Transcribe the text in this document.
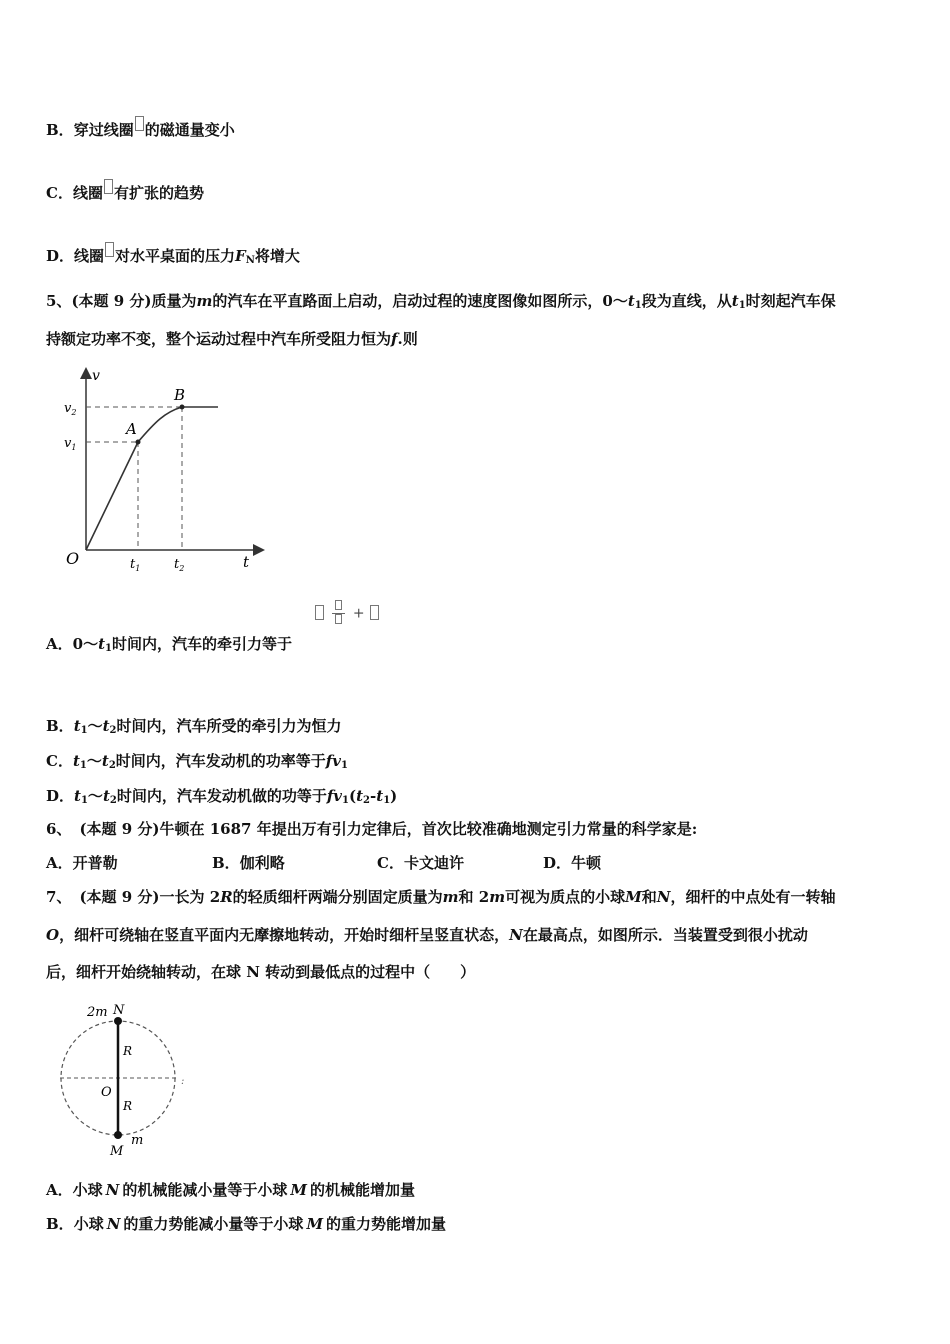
B．穿过线圈 的磁通量变小
C．线圈 有扩张的趋势
D．线圈 对水平桌面的压力$F_N$将增大
5、(本题 9 分)质量为m的汽车在平直路面上启动，启动过程的速度图像如图所示，$0\sim t_1$段为直线，从$t_1$时刻起汽车保
持额定功率不变，整个运动过程中汽车所受阻力恒为f.则
v
t
O
$v_2$
$v_1$
$t_1$	$t_2$
A
B

+
A．$0\sim t_1$时间内，汽车的牵引力等于
B．$t_1\sim t_2$时间内，汽车所受的牵引力为恒力
C．$t_1\sim t_2$时间内，汽车发动机的功率等于$fv_1$
D．$t_1\sim t_2$时间内，汽车发动机做的功等于$fv_1(t_2-t_1)$
6、 (本题 9 分)牛顿在 1687 年提出万有引力定律后，首次比较准确地测定引力常量的科学家是:
A．开普勒	B．伽利略	C．卡文迪许	D．牛顿
7、 (本题 9 分)一长为 2R的轻质细杆两端分别固定质量为m和 2m可视为质点的小球M和N，细杆的中点处有一转轴
O，细杆可绕轴在竖直平面内无摩擦地转动，开始时细杆呈竖直状态，N在最高点，如图所示．当装置受到很小扰动
后，细杆开始绕轴转动，在球 N 转动到最低点的过程中（　　）
:
2m N
R
O
R
M
m
A．小球 N 的机械能减小量等于小球 M 的机械能增加量
B．小球 N 的重力势能减小量等于小球 M 的重力势能增加量
